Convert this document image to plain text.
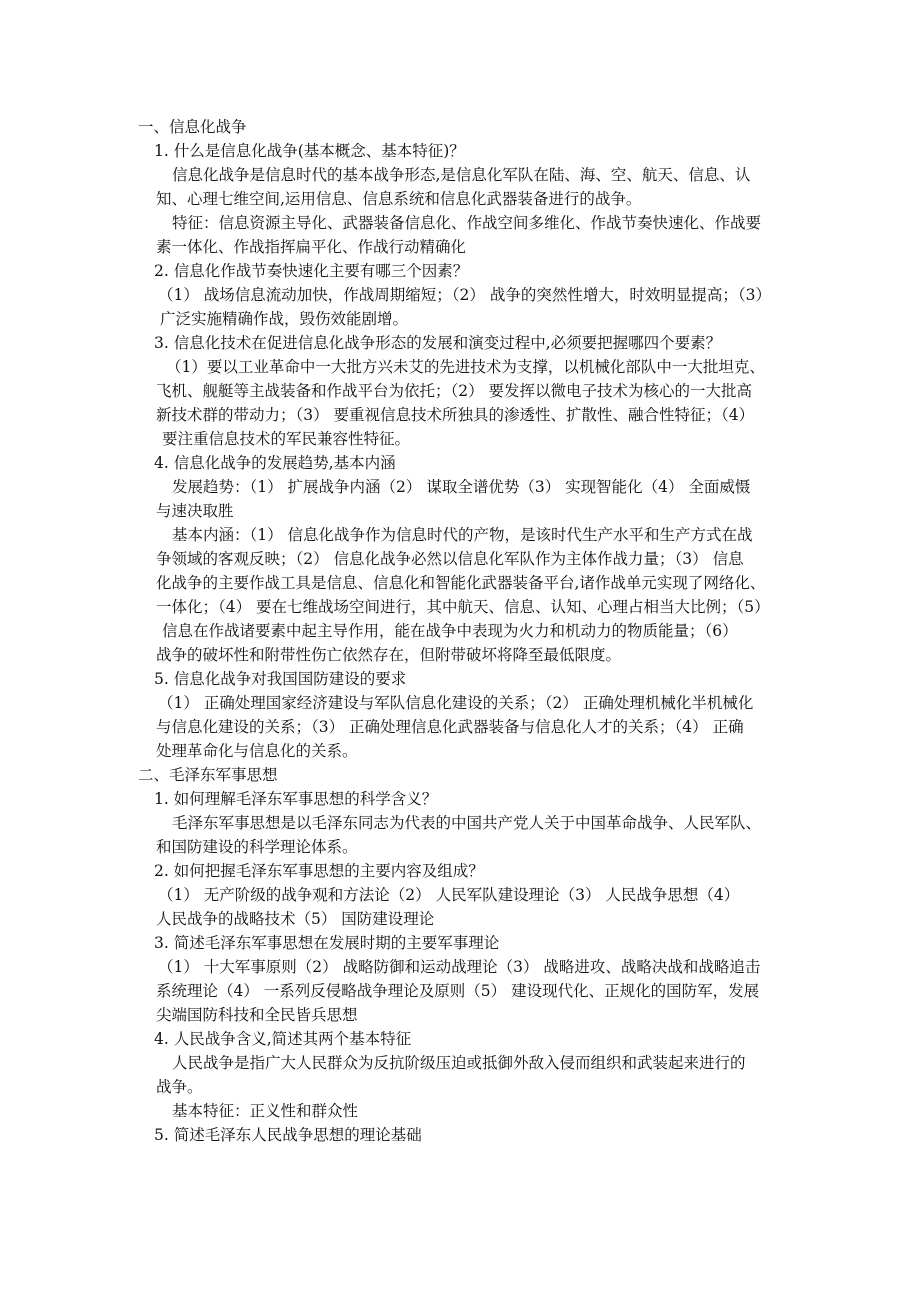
一、信息化战争
1. 什么是信息化战争(基本概念、基本特征)？
信息化战争是信息时代的基本战争形态,是信息化军队在陆、海、空、航天、信息、认
知、心理七维空间,运用信息、信息系统和信息化武器装备进行的战争。
特征：信息资源主导化、武器装备信息化、作战空间多维化、作战节奏快速化、作战要
素一体化、作战指挥扁平化、作战行动精确化
2. 信息化作战节奏快速化主要有哪三个因素？
（1） 战场信息流动加快，作战周期缩短；（2） 战争的突然性增大，时效明显提高；（3）
广泛实施精确作战，毁伤效能剧增。
3. 信息化技术在促进信息化战争形态的发展和演变过程中,必须要把握哪四个要素？
（1）要以工业革命中一大批方兴未艾的先进技术为支撑，以机械化部队中一大批坦克、
飞机、舰艇等主战装备和作战平台为依托；（2） 要发挥以微电子技术为核心的一大批高
新技术群的带动力；（3） 要重视信息技术所独具的渗透性、扩散性、融合性特征；（4）
要注重信息技术的军民兼容性特征。
4. 信息化战争的发展趋势,基本内涵
发展趋势：（1） 扩展战争内涵（2） 谋取全谱优势（3） 实现智能化（4） 全面威慑
与速决取胜
基本内涵：（1） 信息化战争作为信息时代的产物，是该时代生产水平和生产方式在战
争领域的客观反映；（2） 信息化战争必然以信息化军队作为主体作战力量；（3） 信息
化战争的主要作战工具是信息、信息化和智能化武器装备平台,诸作战单元实现了网络化、
一体化；（4） 要在七维战场空间进行，其中航天、信息、认知、心理占相当大比例；（5）
信息在作战诸要素中起主导作用，能在战争中表现为火力和机动力的物质能量；（6）
战争的破坏性和附带性伤亡依然存在，但附带破坏将降至最低限度。
5. 信息化战争对我国国防建设的要求
（1） 正确处理国家经济建设与军队信息化建设的关系；（2） 正确处理机械化半机械化
与信息化建设的关系；（3） 正确处理信息化武器装备与信息化人才的关系；（4） 正确
处理革命化与信息化的关系。
二、毛泽东军事思想
1. 如何理解毛泽东军事思想的科学含义？
毛泽东军事思想是以毛泽东同志为代表的中国共产党人关于中国革命战争、人民军队、
和国防建设的科学理论体系。
2. 如何把握毛泽东军事思想的主要内容及组成？
（1） 无产阶级的战争观和方法论（2） 人民军队建设理论（3） 人民战争思想（4）
人民战争的战略技术（5） 国防建设理论
3. 简述毛泽东军事思想在发展时期的主要军事理论
（1） 十大军事原则（2） 战略防御和运动战理论（3） 战略进攻、战略决战和战略追击
系统理论（4） 一系列反侵略战争理论及原则（5） 建设现代化、正规化的国防军，发展
尖端国防科技和全民皆兵思想
4. 人民战争含义,简述其两个基本特征
人民战争是指广大人民群众为反抗阶级压迫或抵御外敌入侵而组织和武装起来进行的
战争。
基本特征：正义性和群众性
5. 简述毛泽东人民战争思想的理论基础
